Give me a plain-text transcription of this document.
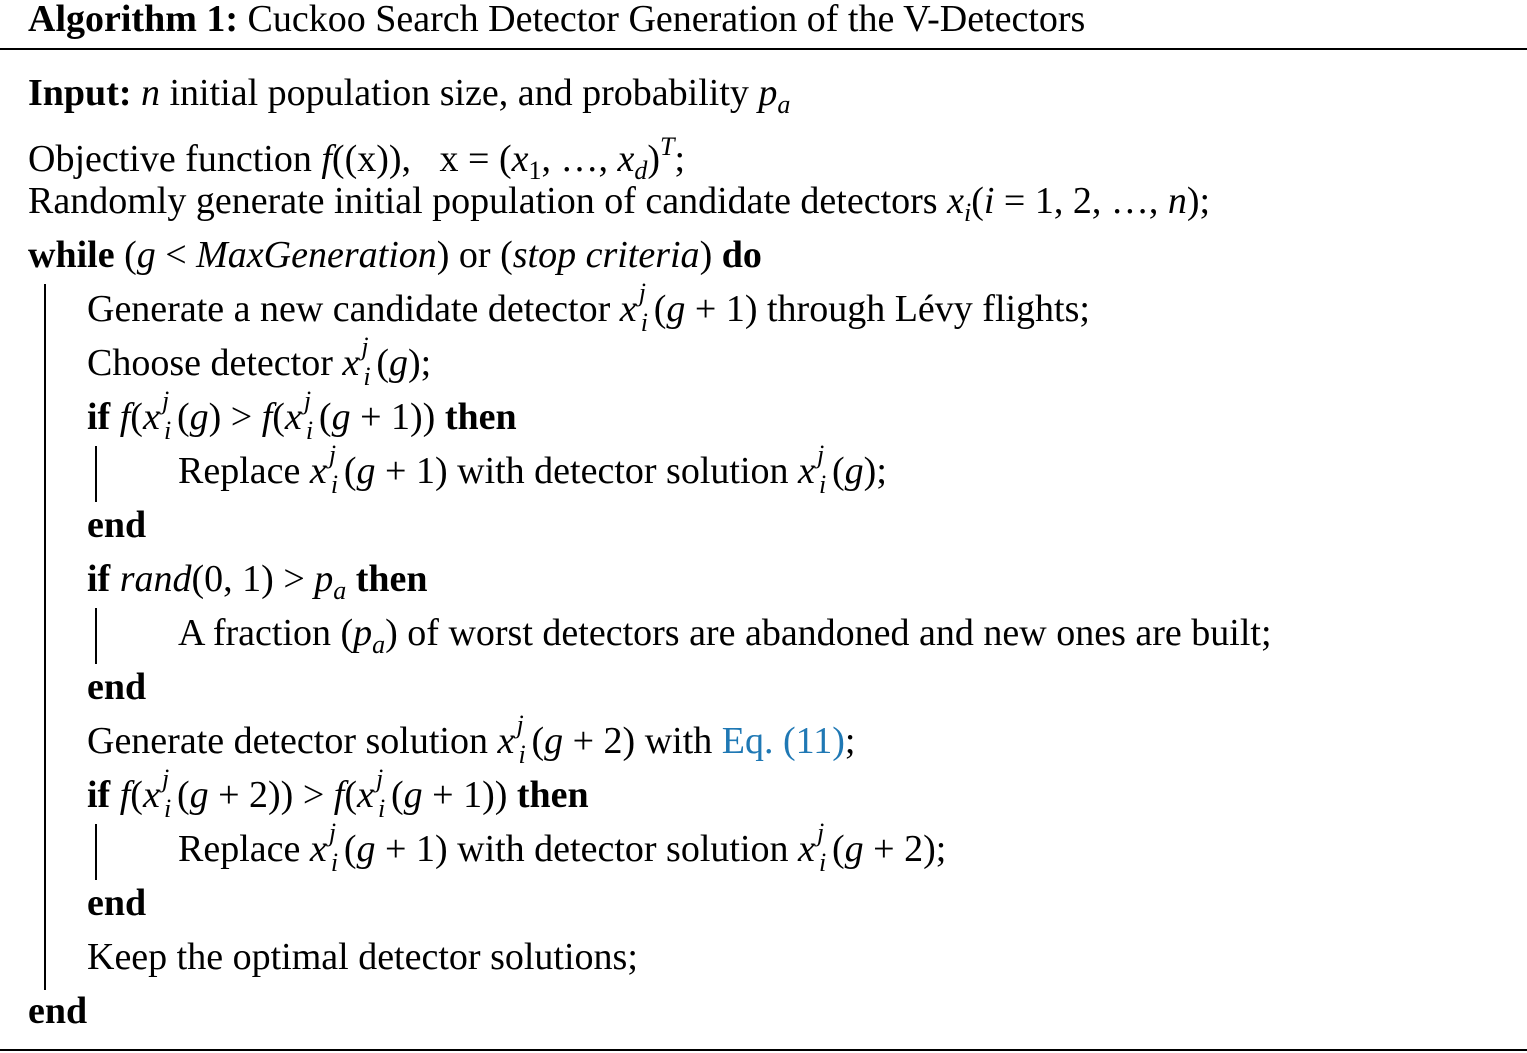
Algorithm 1: Cuckoo Search Detector Generation of the V-Detectors
Input: n initial population size, and probability $p_a$
Objective function f((x)),   $x = (x_1$, …, $x_d)^T$;
Randomly generate initial population of candidate detectors $x_i(i = 1$, 2, …, n);
while (g < MaxGeneration) or (stop criteria) do
Generate a new candidate detector x j
i (g + 1) through Lévy flights;
Choose detector x j
i (g);
if f(x j
i (g) > f(x j
i (g + 1)) then
Replace x j
i (g + 1) with detector solution x j
i (g);
end
if rand(0, $1) > p_a$ then
A fraction $(p_a)$ of worst detectors are abandoned and new ones are built;
end
Generate detector solution x j
i (g + 2) with Eq. (11);
if f(x j
i (g + 2)) > f(x j
i (g + 1)) then
Replace x j
i (g + 1) with detector solution x j
i (g + 2);
end
Keep the optimal detector solutions;
end
